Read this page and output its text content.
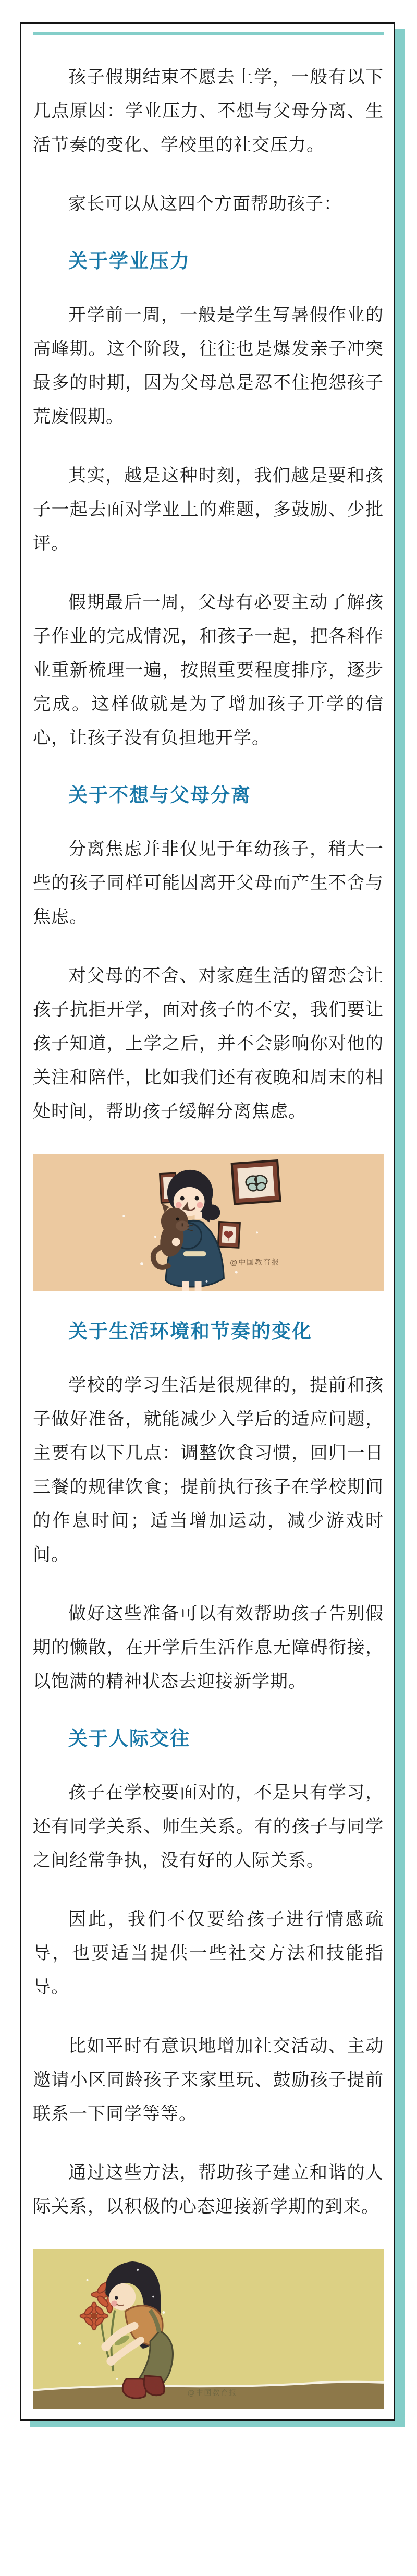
孩子假期结束不愿去上学，一般有以下几点原因：学业压力、不想与父母分离、生活节奏的变化、学校里的社交压力。

家长可以从这四个方面帮助孩子：

关于学业压力

开学前一周，一般是学生写暑假作业的高峰期。这个阶段，往往也是爆发亲子冲突最多的时期，因为父母总是忍不住抱怨孩子荒废假期。

其实，越是这种时刻，我们越是要和孩子一起去面对学业上的难题，多鼓励、少批评。

假期最后一周，父母有必要主动了解孩子作业的完成情况，和孩子一起，把各科作业重新梳理一遍，按照重要程度排序，逐步完成。这样做就是为了增加孩子开学的信心，让孩子没有负担地开学。

关于不想与父母分离

分离焦虑并非仅见于年幼孩子，稍大一些的孩子同样可能因离开父母而产生不舍与焦虑。

对父母的不舍、对家庭生活的留恋会让孩子抗拒开学，面对孩子的不安，我们要让孩子知道，上学之后，并不会影响你对他的关注和陪伴，比如我们还有夜晚和周末的相处时间，帮助孩子缓解分离焦虑。

@中国教育报
关于生活环境和节奏的变化

学校的学习生活是很规律的，提前和孩子做好准备，就能减少入学后的适应问题，主要有以下几点：调整饮食习惯，回归一日三餐的规律饮食；提前执行孩子在学校期间的作息时间；适当增加运动，减少游戏时间。

做好这些准备可以有效帮助孩子告别假期的懒散，在开学后生活作息无障碍衔接，以饱满的精神状态去迎接新学期。

关于人际交往

孩子在学校要面对的，不是只有学习，还有同学关系、师生关系。有的孩子与同学之间经常争执，没有好的人际关系。

因此，我们不仅要给孩子进行情感疏导，也要适当提供一些社交方法和技能指导。

比如平时有意识地增加社交活动、主动邀请小区同龄孩子来家里玩、鼓励孩子提前联系一下同学等等。

通过这些方法，帮助孩子建立和谐的人际关系，以积极的心态迎接新学期的到来。

@中国教育报
